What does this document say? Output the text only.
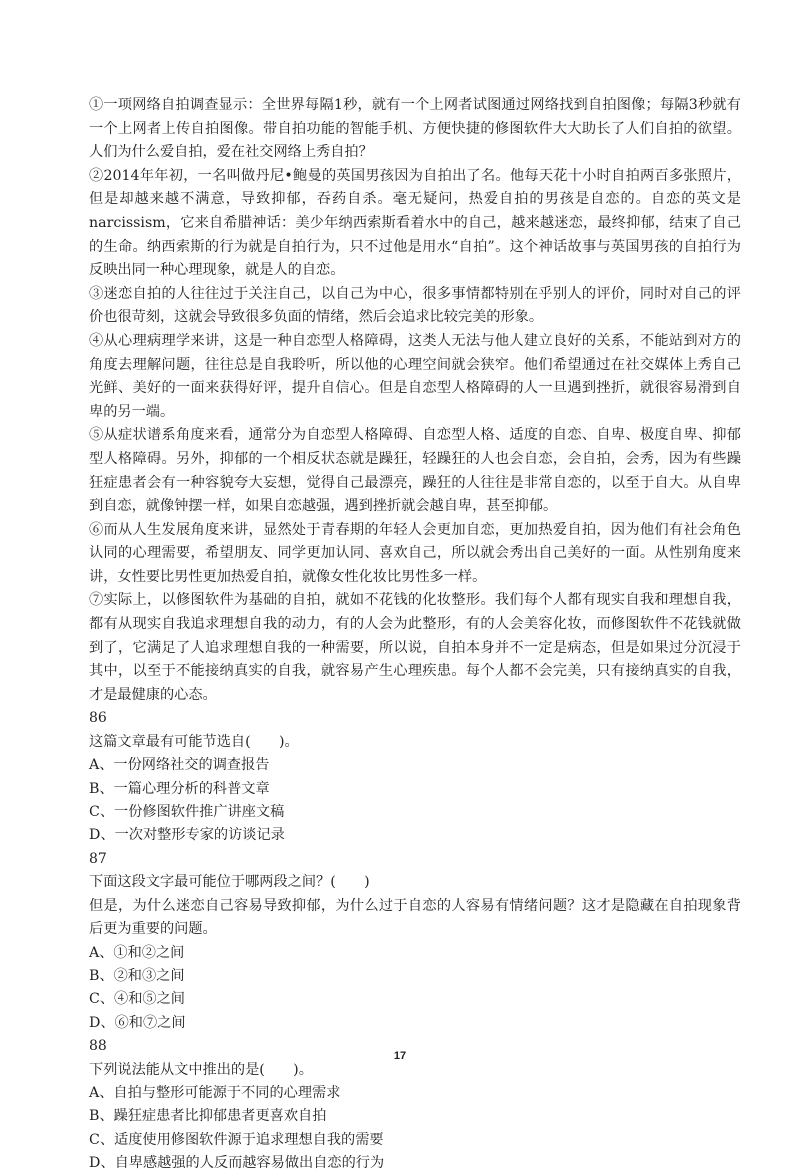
①一项网络自拍调查显示：全世界每隔1秒，就有一个上网者试图通过网络找到自拍图像；每隔3秒就有一个上网者上传自拍图像。带自拍功能的智能手机、方便快捷的修图软件大大助长了人们自拍的欲望。人们为什么爱自拍，爱在社交网络上秀自拍？

②2014年年初，一名叫做丹尼•鲍曼的英国男孩因为自拍出了名。他每天花十小时自拍两百多张照片，但是却越来越不满意，导致抑郁，吞药自杀。毫无疑问，热爱自拍的男孩是自恋的。自恋的英文是narcissism，它来自希腊神话：美少年纳西索斯看着水中的自己，越来越迷恋，最终抑郁，结束了自己的生命。纳西索斯的行为就是自拍行为，只不过他是用水“自拍”。这个神话故事与英国男孩的自拍行为反映出同一种心理现象，就是人的自恋。

③迷恋自拍的人往往过于关注自己，以自己为中心，很多事情都特别在乎别人的评价，同时对自己的评价也很苛刻，这就会导致很多负面的情绪，然后会追求比较完美的形象。

④从心理病理学来讲，这是一种自恋型人格障碍，这类人无法与他人建立良好的关系，不能站到对方的角度去理解问题，往往总是自我聆听，所以他的心理空间就会狭窄。他们希望通过在社交媒体上秀自己光鲜、美好的一面来获得好评，提升自信心。但是自恋型人格障碍的人一旦遇到挫折，就很容易滑到自卑的另一端。

⑤从症状谱系角度来看，通常分为自恋型人格障碍、自恋型人格、适度的自恋、自卑、极度自卑、抑郁型人格障碍。另外，抑郁的一个相反状态就是躁狂，轻躁狂的人也会自恋，会自拍，会秀，因为有些躁狂症患者会有一种容貌夸大妄想，觉得自己最漂亮，躁狂的人往往是非常自恋的，以至于自大。从自卑到自恋，就像钟摆一样，如果自恋越强，遇到挫折就会越自卑，甚至抑郁。

⑥而从人生发展角度来讲，显然处于青春期的年轻人会更加自恋，更加热爱自拍，因为他们有社会角色认同的心理需要，希望朋友、同学更加认同、喜欢自己，所以就会秀出自己美好的一面。从性别角度来讲，女性要比男性更加热爱自拍，就像女性化妆比男性多一样。

⑦实际上，以修图软件为基础的自拍，就如不花钱的化妆整形。我们每个人都有现实自我和理想自我，都有从现实自我追求理想自我的动力，有的人会为此整形，有的人会美容化妆，而修图软件不花钱就做到了，它满足了人追求理想自我的一种需要，所以说，自拍本身并不一定是病态，但是如果过分沉浸于其中，以至于不能接纳真实的自我，就容易产生心理疾患。每个人都不会完美，只有接纳真实的自我，才是最健康的心态。

86

这篇文章最有可能节选自(　　)。

A、一份网络社交的调查报告
B、一篇心理分析的科普文章
C、一份修图软件推广讲座文稿
D、一次对整形专家的访谈记录

87

下面这段文字最可能位于哪两段之间？(　　)

但是，为什么迷恋自己容易导致抑郁，为什么过于自恋的人容易有情绪问题？这才是隐藏在自拍现象背后更为重要的问题。

A、①和②之间
B、②和③之间
C、④和⑤之间
D、⑥和⑦之间

88

下列说法能从文中推出的是(　　)。

A、自拍与整形可能源于不同的心理需求
B、躁狂症患者比抑郁患者更喜欢自拍
C、适度使用修图软件源于追求理想自我的需要
D、自卑感越强的人反而越容易做出自恋的行为
17
